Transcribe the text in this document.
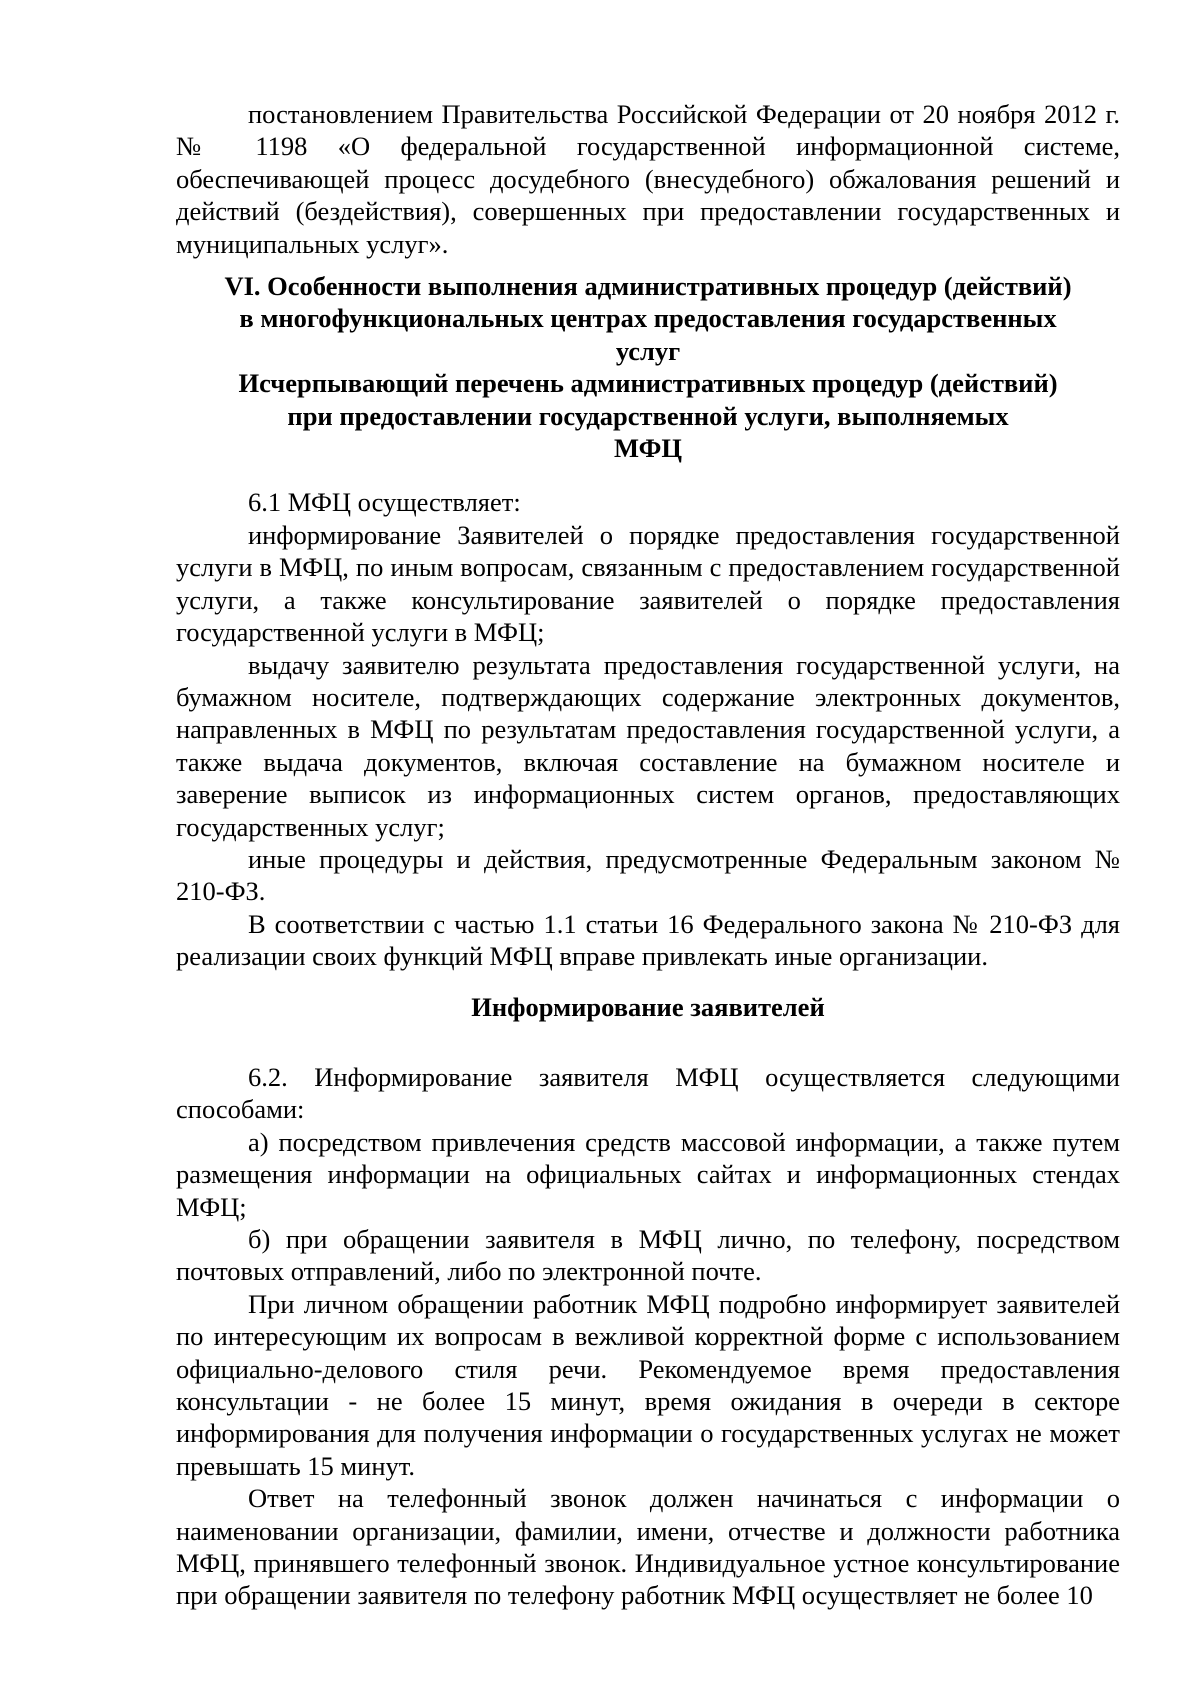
постановлением Правительства Российской Федерации от 20 ноября 2012 г. № 1198 «О федеральной государственной информационной системе, обеспечивающей процесс досудебного (внесудебного) обжалования решений и действий (бездействия), совершенных при предоставлении государственных и муниципальных услуг».

VI. Особенности выполнения административных процедур (действий)
в многофункциональных центрах предоставления государственных
услуг
Исчерпывающий перечень административных процедур (действий)
при предоставлении государственной услуги, выполняемых
МФЦ

6.1 МФЦ осуществляет:

информирование Заявителей о порядке предоставления государственной услуги в МФЦ, по иным вопросам, связанным с предоставлением государственной услуги, а также консультирование заявителей о порядке предоставления государственной услуги в МФЦ;

выдачу заявителю результата предоставления государственной услуги, на бумажном носителе, подтверждающих содержание электронных документов, направленных в МФЦ по результатам предоставления государственной услуги, а также выдача документов, включая составление на бумажном носителе и заверение выписок из информационных систем органов, предоставляющих государственных услуг;

иные процедуры и действия, предусмотренные Федеральным законом № 210-ФЗ.

В соответствии с частью 1.1 статьи 16 Федерального закона № 210-ФЗ для реализации своих функций МФЦ вправе привлекать иные организации.

Информирование заявителей

6.2. Информирование заявителя МФЦ осуществляется следующими способами:

а) посредством привлечения средств массовой информации, а также путем размещения информации на официальных сайтах и информационных стендах МФЦ;

б) при обращении заявителя в МФЦ лично, по телефону, посредством почтовых отправлений, либо по электронной почте.

При личном обращении работник МФЦ подробно информирует заявителей по интересующим их вопросам в вежливой корректной форме с использованием официально-делового стиля речи. Рекомендуемое время предоставления консультации - не более 15 минут, время ожидания в очереди в секторе информирования для получения информации о государственных услугах не может превышать 15 минут.

Ответ на телефонный звонок должен начинаться с информации о наименовании организации, фамилии, имени, отчестве и должности работника МФЦ, принявшего телефонный звонок. Индивидуальное устное консультирование при обращении заявителя по телефону работник МФЦ осуществляет не более 10
